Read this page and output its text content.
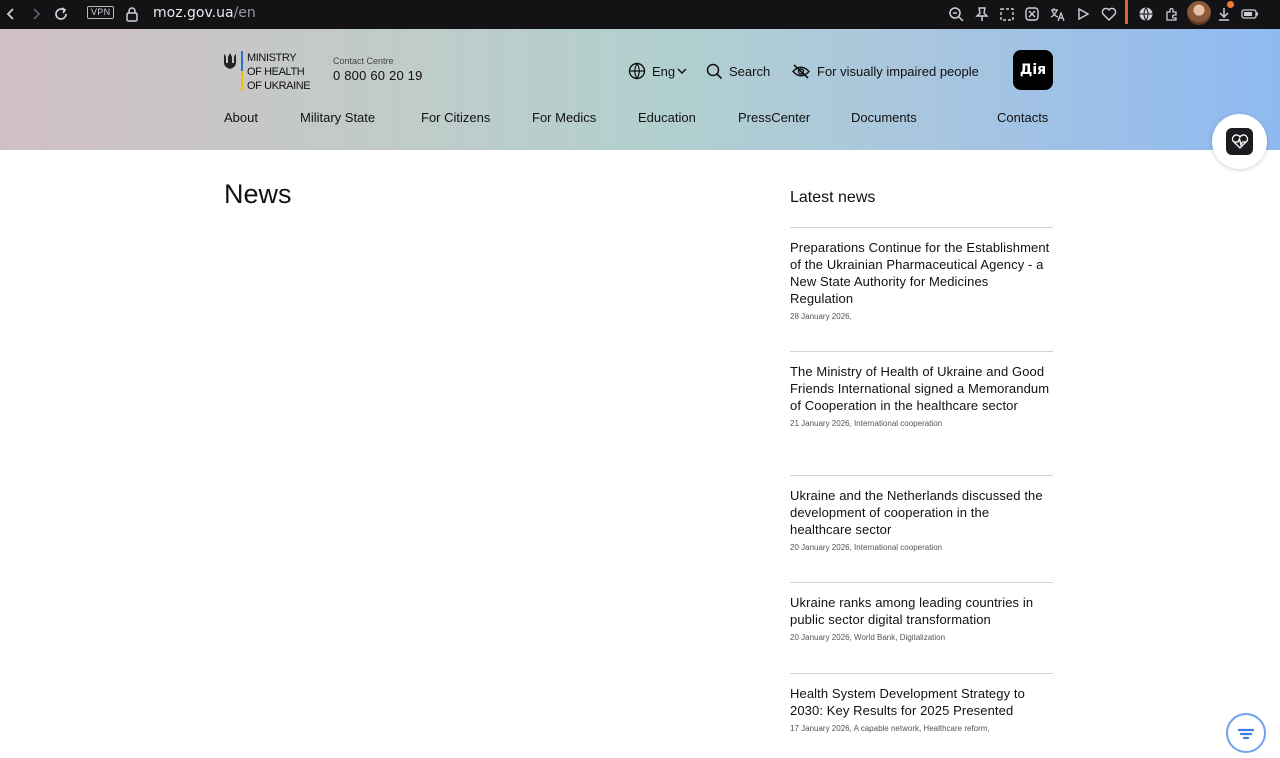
VPN	moz.gov.ua/en
MINISTRY
OF HEALTH
OF UKRAINE
Contact Centre
0 800 60 20 19	Eng	Search	For visually impaired people	Дія
About	Military State	For Citizens	For Medics	Education	PressCenter	Documents	Contacts
News	Latest news
Preparations Continue for the Establishment of the Ukrainian Pharmaceutical Agency - a New State Authority for Medicines Regulation
28 January 2026,
The Ministry of Health of Ukraine and Good Friends International signed a Memorandum of Cooperation in the healthcare sector
21 January 2026, International cooperation
Ukraine and the Netherlands discussed the development of cooperation in the healthcare sector
20 January 2026, International cooperation
Ukraine ranks among leading countries in public sector digital transformation
20 January 2026, World Bank, Digitalization
Health System Development Strategy to 2030: Key Results for 2025 Presented
17 January 2026, A capable network, Healthcare reform,
